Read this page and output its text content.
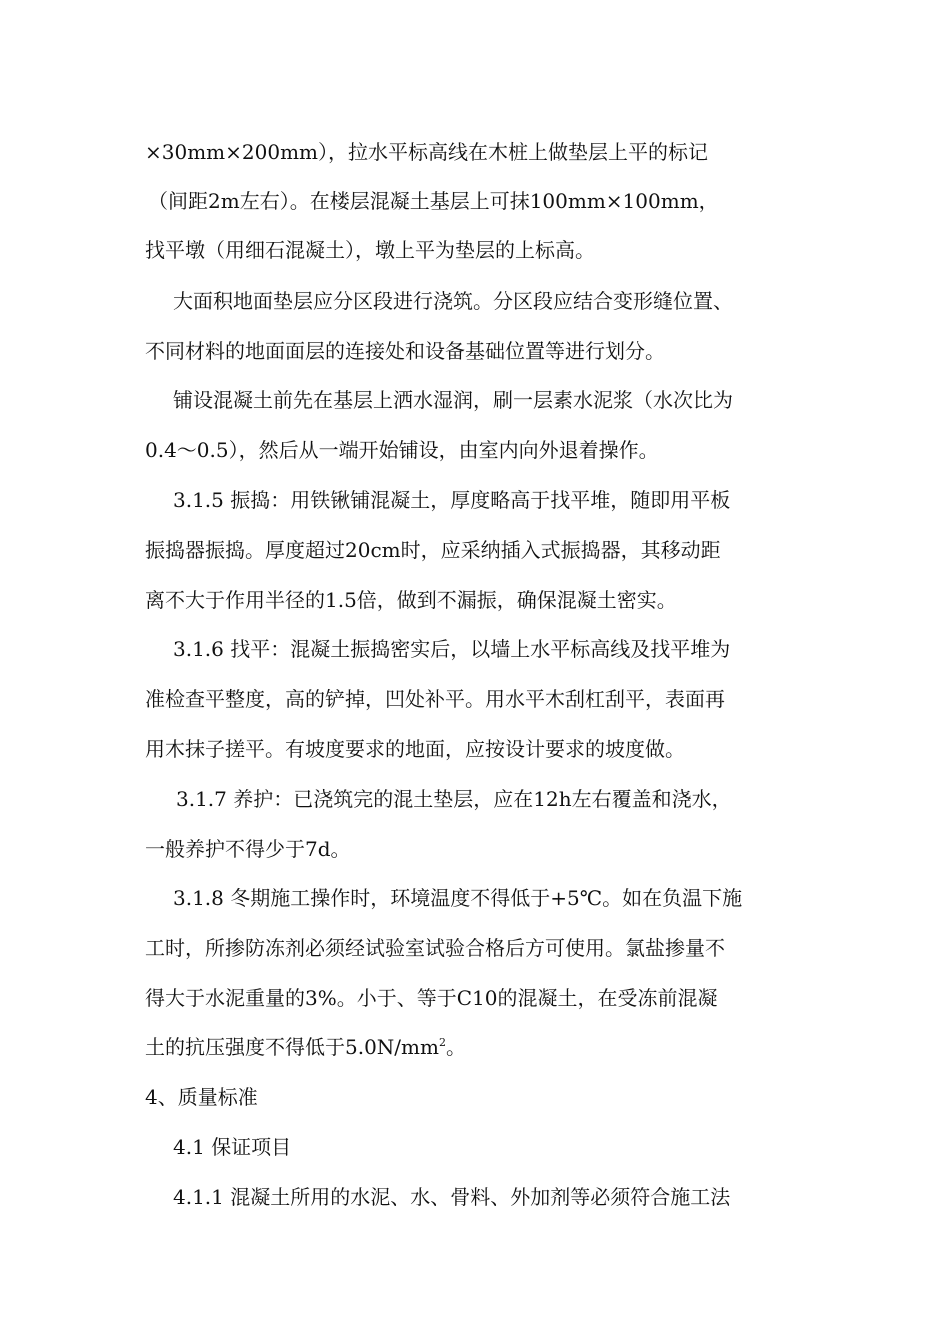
×30mm×200mm），拉水平标高线在木桩上做垫层上平的标记
（间距2m左右）。在楼层混凝土基层上可抹100mm×100mm，
找平墩（用细石混凝土），墩上平为垫层的上标高。
大面积地面垫层应分区段进行浇筑。分区段应结合变形缝位置、
不同材料的地面面层的连接处和设备基础位置等进行划分。
铺设混凝土前先在基层上洒水湿润，刷一层素水泥浆（水次比为
0.4～0.5），然后从一端开始铺设，由室内向外退着操作。
3.1.5 振捣：用铁锹铺混凝土，厚度略高于找平堆，随即用平板
振捣器振捣。厚度超过20cm时，应采纳插入式振捣器，其移动距
离不大于作用半径的1.5倍，做到不漏振，确保混凝土密实。
3.1.6 找平：混凝土振捣密实后，以墙上水平标高线及找平堆为
准检查平整度，高的铲掉，凹处补平。用水平木刮杠刮平，表面再
用木抹子搓平。有坡度要求的地面，应按设计要求的坡度做。
3.1.7 养护：已浇筑完的混土垫层，应在12h左右覆盖和浇水，
一般养护不得少于7d。
3.1.8 冬期施工操作时，环境温度不得低于+5℃。如在负温下施
工时，所掺防冻剂必须经试验室试验合格后方可使用。氯盐掺量不
得大于水泥重量的3%。小于、等于C10的混凝土，在受冻前混凝
土的抗压强度不得低于$5.0N/mm^2$。
4、质量标准
4.1 保证项目
4.1.1 混凝土所用的水泥、水、骨料、外加剂等必须符合施工法
